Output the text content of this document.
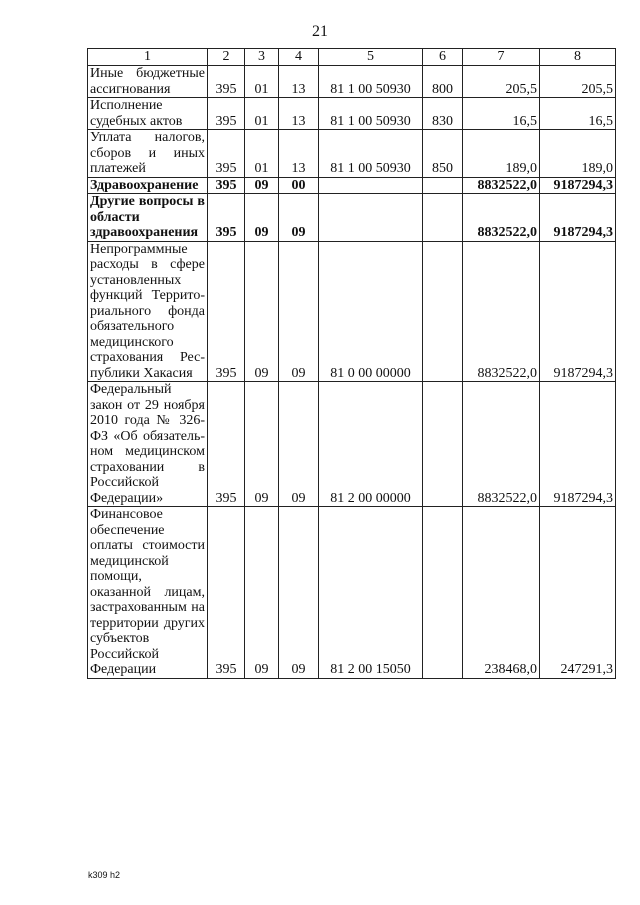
21
1	2	3	4	5	6	7	8
Иные бюджетные ассигнования	395	01	13	81 1 00 50930	800	205,5	205,5
Исполнение судебных актов	395	01	13	81 1 00 50930	830	16,5	16,5
Уплата налогов, сборов и иных платежей	395	01	13	81 1 00 50930	850	189,0	189,0
Здравоохранение	395	09	00			8832522,0	9187294,3
Другие вопросы в области здравоохранения	395	09	09			8832522,0	9187294,3
Непрограммные расходы в сфере установленных функций Территориального фонда обязательного медицинского страхования Республики Хакасия	395	09	09	81 0 00 00000		8832522,0	9187294,3
Федеральный закон от 29 ноября 2010 года № 326-ФЗ «Об обязательном медицинском страховании в Российской Федерации»	395	09	09	81 2 00 00000		8832522,0	9187294,3
Финансовое обеспечение оплаты стоимости медицинской помощи, оказанной лицам, застрахованным на территории других субъектов Российской Федерации	395	09	09	81 2 00 15050		238468,0	247291,3
k309 h2
